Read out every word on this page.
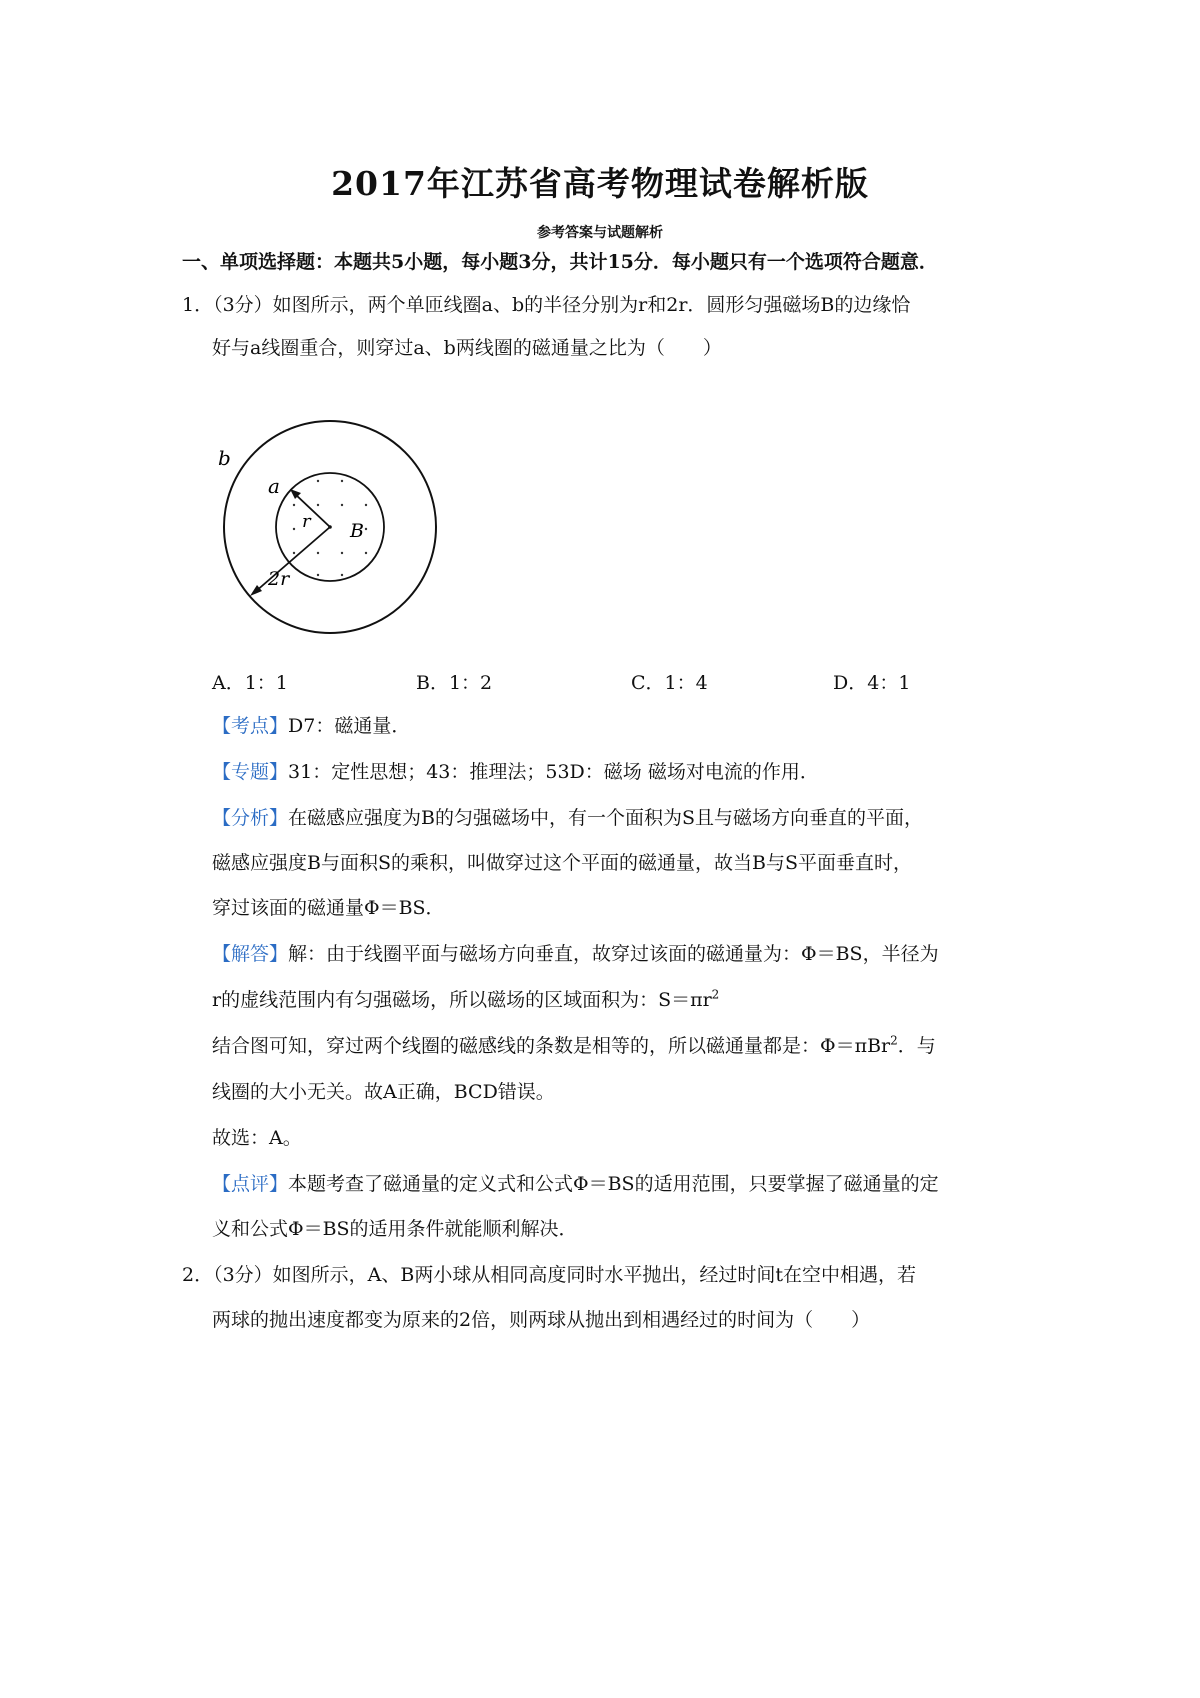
2017年江苏省高考物理试卷解析版
参考答案与试题解析
一、单项选择题：本题共5小题，每小题3分，共计15分．每小题只有一个选项符合题意．
1．（3分）如图所示，两个单匝线圈a、b的半径分别为r和2r．圆形匀强磁场B的边缘恰
好与a线圈重合，则穿过a、b两线圈的磁通量之比为（　　）
b
a
r B
2r
A．1：1	B．1：2	C．1：4	D．4：1
【考点】D7：磁通量．
【专题】31：定性思想；43：推理法；53D：磁场 磁场对电流的作用．
【分析】在磁感应强度为B的匀强磁场中，有一个面积为S且与磁场方向垂直的平面，
磁感应强度B与面积S的乘积，叫做穿过这个平面的磁通量，故当B与S平面垂直时，
穿过该面的磁通量Φ＝BS．
【解答】解：由于线圈平面与磁场方向垂直，故穿过该面的磁通量为：Φ＝BS，半径为
r的虚线范围内有匀强磁场，所以磁场的区域面积为：$S=\pi r^2$
结合图可知，穿过两个线圈的磁感线的条数是相等的，所以磁通量都是：Φ＝πBr$^2$．与
线圈的大小无关。故A正确，BCD错误。
故选：A。
【点评】本题考查了磁通量的定义式和公式Φ＝BS的适用范围，只要掌握了磁通量的定
义和公式Φ＝BS的适用条件就能顺利解决．
2．（3分）如图所示，A、B两小球从相同高度同时水平抛出，经过时间t在空中相遇，若
两球的抛出速度都变为原来的2倍，则两球从抛出到相遇经过的时间为（　　）
